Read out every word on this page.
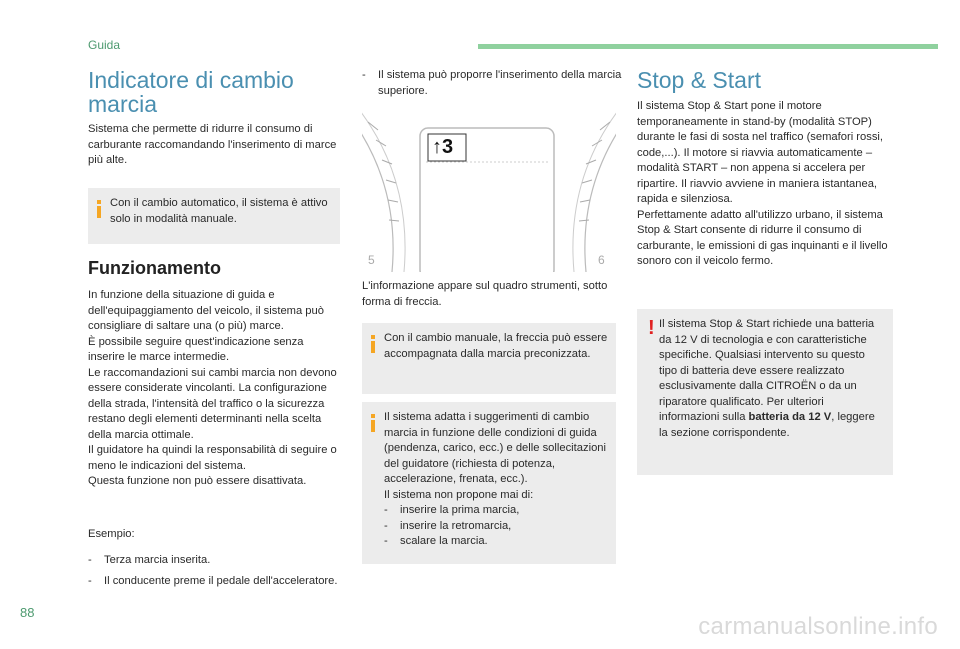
Guida
Indicatore di cambio marcia

Sistema che permette di ridurre il consumo di carburante raccomandando l'inserimento di marce più alte.

Con il cambio automatico, il sistema è attivo solo in modalità manuale.
Funzionamento

In funzione della situazione di guida e dell'equipaggiamento del veicolo, il sistema può consigliare di saltare una (o più) marce.

È possibile seguire quest'indicazione senza inserire le marce intermedie.

Le raccomandazioni sui cambi marcia non devono essere considerate vincolanti. La configurazione della strada, l'intensità del traffico o la sicurezza restano degli elementi determinanti nella scelta della marcia ottimale.

Il guidatore ha quindi la responsabilità di seguire o meno le indicazioni del sistema.

Questa funzione non può essere disattivata.

Esempio:

- Terza marcia inserita.
- Il conducente preme il pedale dell'acceleratore.
- Il sistema può proporre l'inserimento della marcia superiore.
5	6
↑3

L'informazione appare sul quadro strumenti, sotto forma di freccia.

Con il cambio manuale, la freccia può essere accompagnata dalla marcia preconizzata.

Il sistema adatta i suggerimenti di cambio marcia in funzione delle condizioni di guida (pendenza, carico, ecc.) e delle sollecitazioni del guidatore (richiesta di potenza, accelerazione, frenata, ecc.).

Il sistema non propone mai di:

- inserire la prima marcia,
- inserire la retromarcia,
- scalare la marcia.
Stop & Start

Il sistema Stop & Start pone il motore temporaneamente in stand-by (modalità STOP) durante le fasi di sosta nel traffico (semafori rossi, code,...). Il motore si riavvia automaticamente – modalità START – non appena si accelera per ripartire. Il riavvio avviene in maniera istantanea, rapida e silenziosa.

Perfettamente adatto all'utilizzo urbano, il sistema Stop & Start consente di ridurre il consumo di carburante, le emissioni di gas inquinanti e il livello sonoro con il veicolo fermo.

! Il sistema Stop & Start richiede una batteria da 12 V di tecnologia e con caratteristiche specifiche. Qualsiasi intervento su questo tipo di batteria deve essere realizzato esclusivamente dalla CITROËN o da un riparatore qualificato. Per ulteriori informazioni sulla batteria da 12 V, leggere la sezione corrispondente.
88
carmanualsonline.info
